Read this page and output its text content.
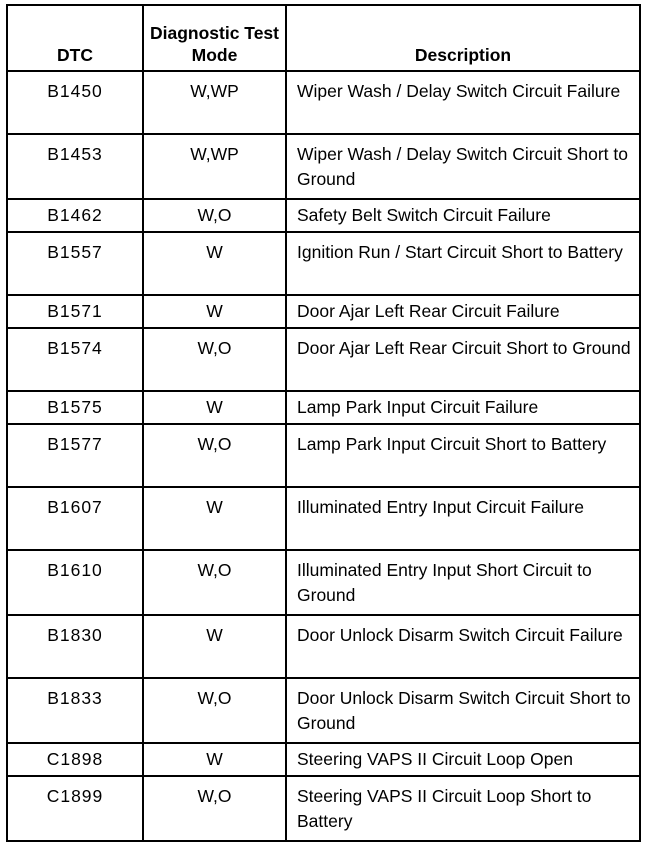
DTC	Diagnostic Test Mode	Description
B1450	W,WP	Wiper Wash / Delay Switch Circuit Failure
B1453	W,WP	Wiper Wash / Delay Switch Circuit Short to Ground
B1462	W,O	Safety Belt Switch Circuit Failure
B1557	W	Ignition Run / Start Circuit Short to Battery
B1571	W	Door Ajar Left Rear Circuit Failure
B1574	W,O	Door Ajar Left Rear Circuit Short to Ground
B1575	W	Lamp Park Input Circuit Failure
B1577	W,O	Lamp Park Input Circuit Short to Battery
B1607	W	Illuminated Entry Input Circuit Failure
B1610	W,O	Illuminated Entry Input Short Circuit to Ground
B1830	W	Door Unlock Disarm Switch Circuit Failure
B1833	W,O	Door Unlock Disarm Switch Circuit Short to Ground
C1898	W	Steering VAPS II Circuit Loop Open
C1899	W,O	Steering VAPS II Circuit Loop Short to Battery
